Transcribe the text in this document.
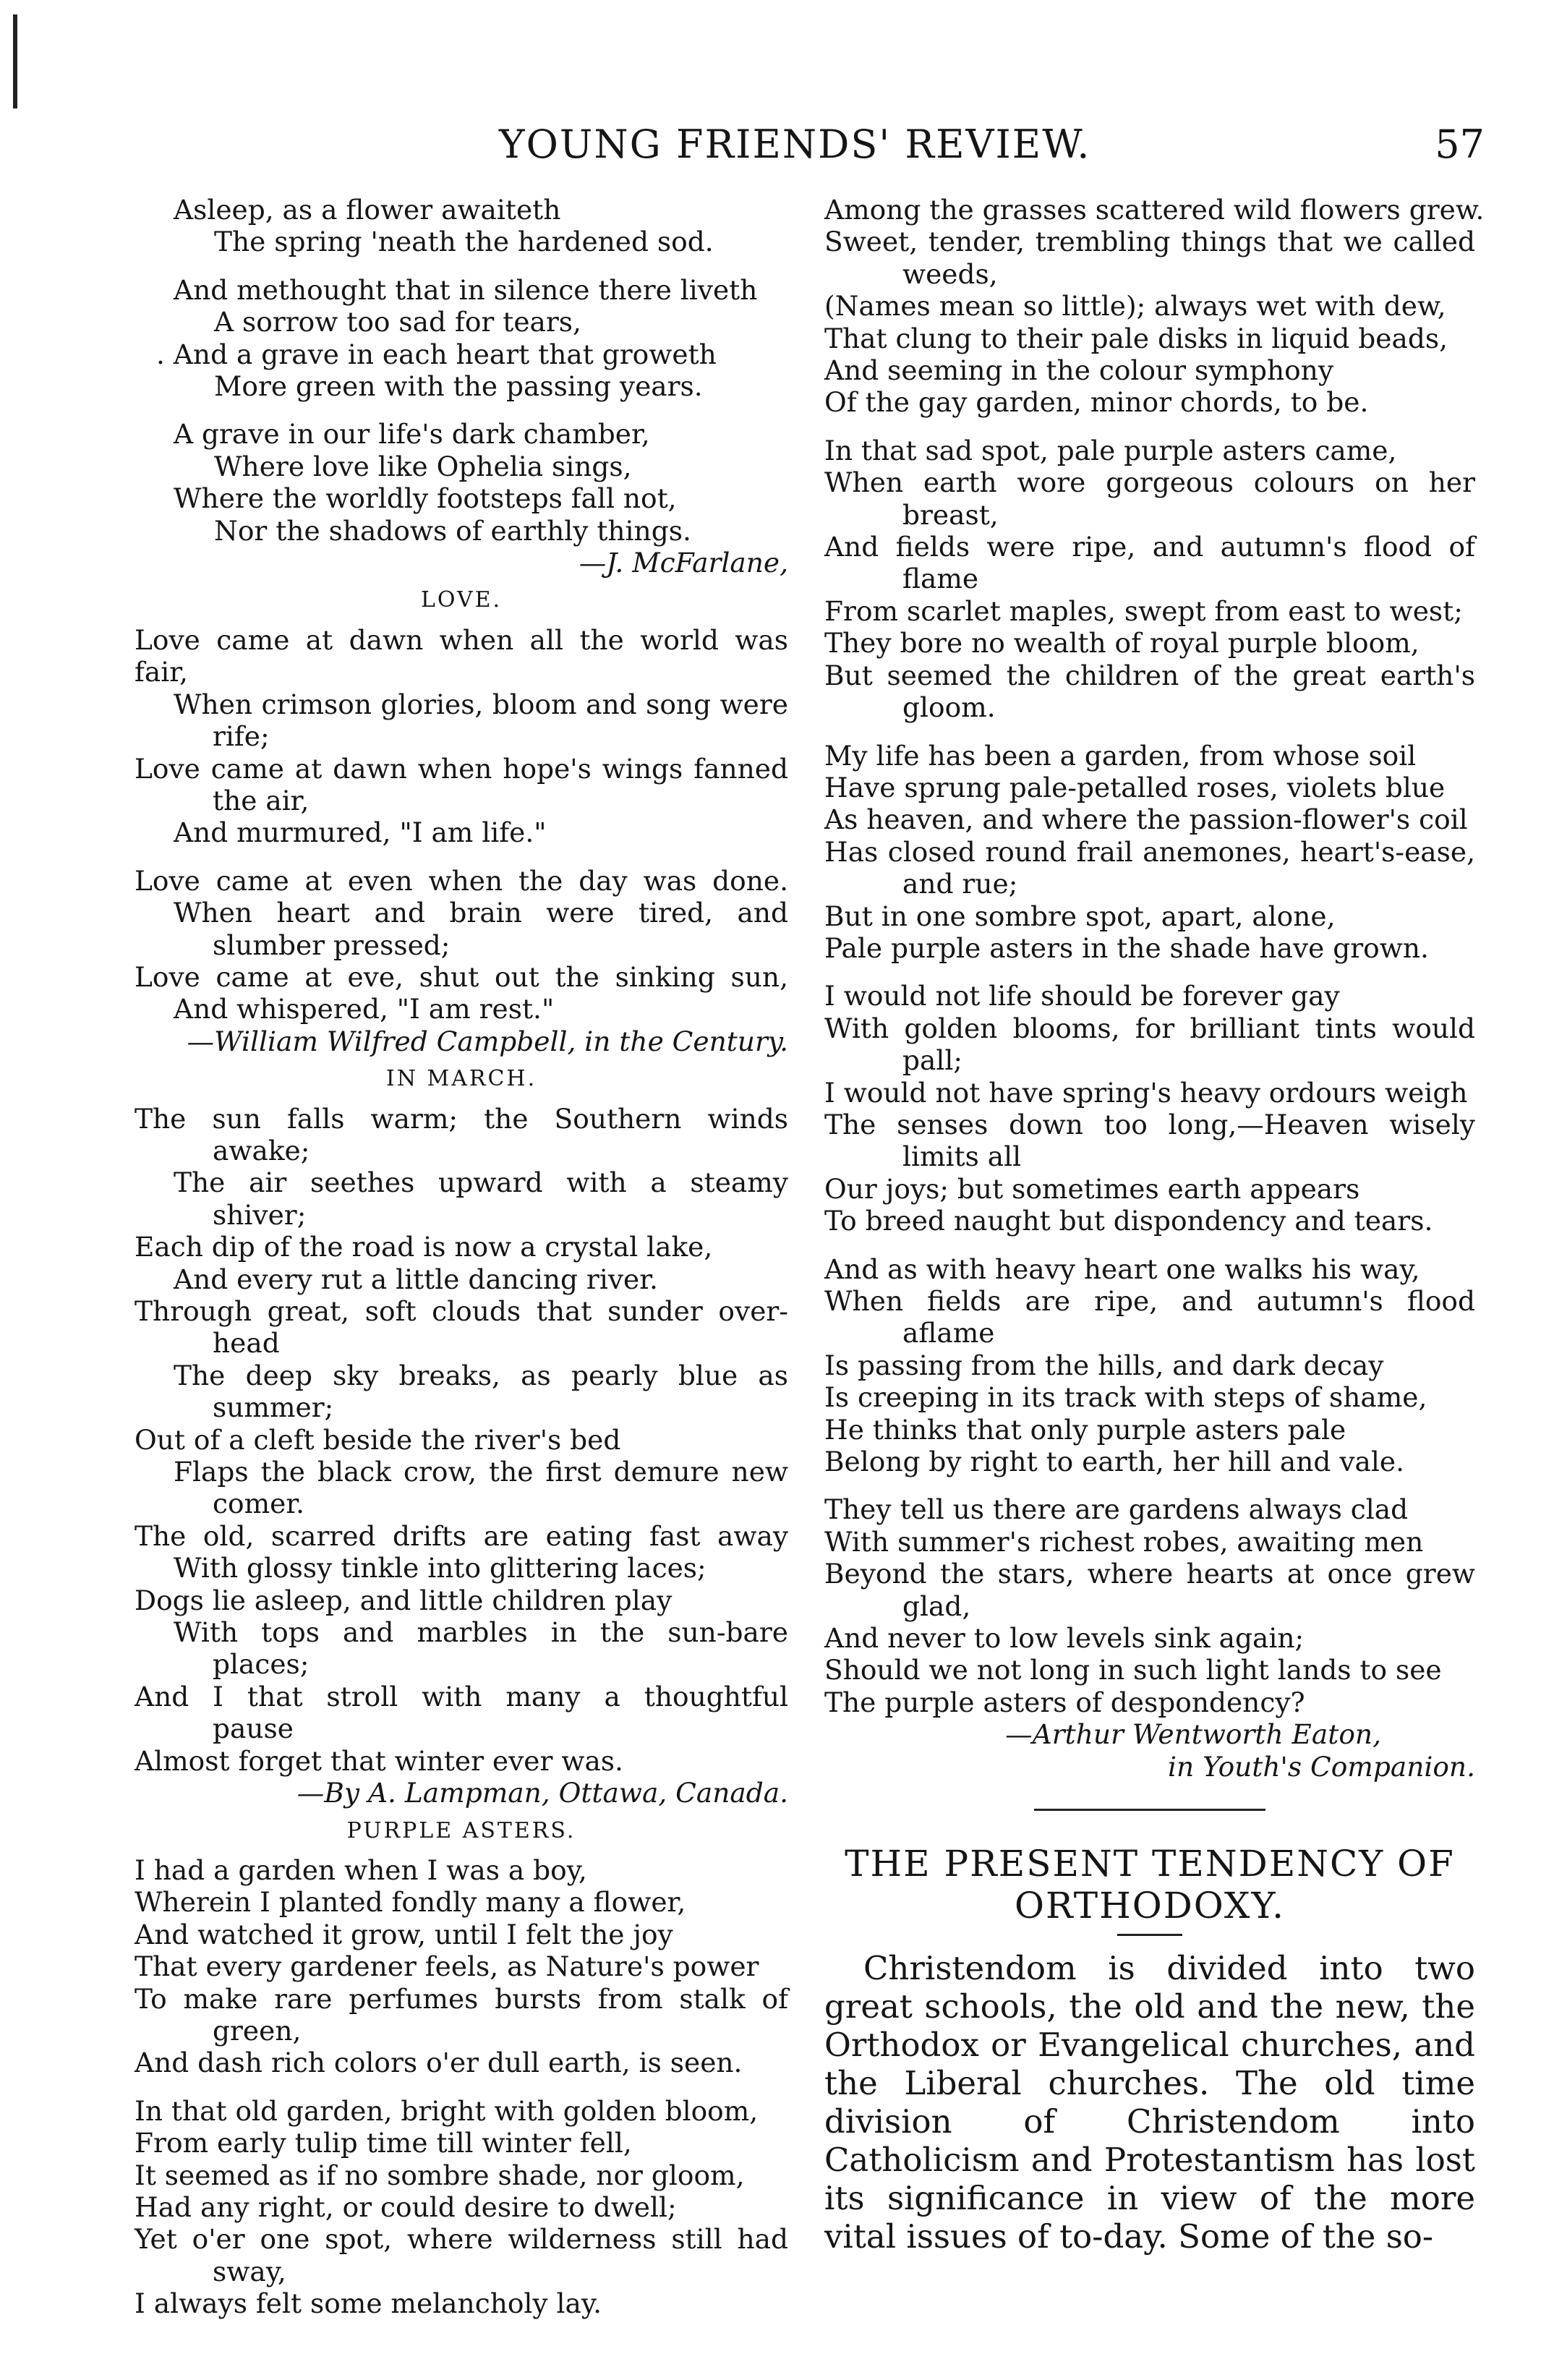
YOUNG FRIENDS' REVIEW.	57
Asleep, as a flower awaiteth
The spring 'neath the hardened sod.
And methought that in silence there liveth
A sorrow too sad for tears,
. And a grave in each heart that groweth
More green with the passing years.
A grave in our life's dark chamber,
Where love like Ophelia sings,
Where the worldly footsteps fall not,
Nor the shadows of earthly things.
—J. McFarlane,
LOVE.
Love came at dawn when all the world was fair,
When crimson glories, bloom and song were
rife;
Love came at dawn when hope's wings fanned
the air,
And murmured, "I am life."
Love came at even when the day was done.
When heart and brain were tired, and
slumber pressed;
Love came at eve, shut out the sinking sun,
And whispered, "I am rest."
—William Wilfred Campbell, in the Century.
IN MARCH.
The sun falls warm; the Southern winds
awake;
The air seethes upward with a steamy
shiver;
Each dip of the road is now a crystal lake,
And every rut a little dancing river.
Through great, soft clouds that sunder over-
head
The deep sky breaks, as pearly blue as
summer;
Out of a cleft beside the river's bed
Flaps the black crow, the first demure new
comer.
The old, scarred drifts are eating fast away
With glossy tinkle into glittering laces;
Dogs lie asleep, and little children play
With tops and marbles in the sun-bare
places;
And I that stroll with many a thoughtful
pause
Almost forget that winter ever was.
—By A. Lampman, Ottawa, Canada.
PURPLE ASTERS.
I had a garden when I was a boy,
Wherein I planted fondly many a flower,
And watched it grow, until I felt the joy
That every gardener feels, as Nature's power
To make rare perfumes bursts from stalk of
green,
And dash rich colors o'er dull earth, is seen.
In that old garden, bright with golden bloom,
From early tulip time till winter fell,
It seemed as if no sombre shade, nor gloom,
Had any right, or could desire to dwell;
Yet o'er one spot, where wilderness still had
sway,
I always felt some melancholy lay.
Among the grasses scattered wild flowers grew.
Sweet, tender, trembling things that we called
weeds,
(Names mean so little); always wet with dew,
That clung to their pale disks in liquid beads,
And seeming in the colour symphony
Of the gay garden, minor chords, to be.
In that sad spot, pale purple asters came,
When earth wore gorgeous colours on her
breast,
And fields were ripe, and autumn's flood of
flame
From scarlet maples, swept from east to west;
They bore no wealth of royal purple bloom,
But seemed the children of the great earth's
gloom.
My life has been a garden, from whose soil
Have sprung pale-petalled roses, violets blue
As heaven, and where the passion-flower's coil
Has closed round frail anemones, heart's-ease,
and rue;
But in one sombre spot, apart, alone,
Pale purple asters in the shade have grown.
I would not life should be forever gay
With golden blooms, for brilliant tints would
pall;
I would not have spring's heavy ordours weigh
The senses down too long,—Heaven wisely
limits all
Our joys; but sometimes earth appears
To breed naught but dispondency and tears.
And as with heavy heart one walks his way,
When fields are ripe, and autumn's flood
aflame
Is passing from the hills, and dark decay
Is creeping in its track with steps of shame,
He thinks that only purple asters pale
Belong by right to earth, her hill and vale.
They tell us there are gardens always clad
With summer's richest robes, awaiting men
Beyond the stars, where hearts at once grew
glad,
And never to low levels sink again;
Should we not long in such light lands to see
The purple asters of despondency?
—Arthur Wentworth Eaton,
in Youth's Companion.
THE PRESENT TENDENCY OF
ORTHODOXY.

Christendom is divided into two great schools, the old and the new, the Orthodox or Evangelical churches, and the Liberal churches. The old time division of Christendom into Catholicism and Protestantism has lost its significance in view of the more vital issues of to-day. Some of the so-
